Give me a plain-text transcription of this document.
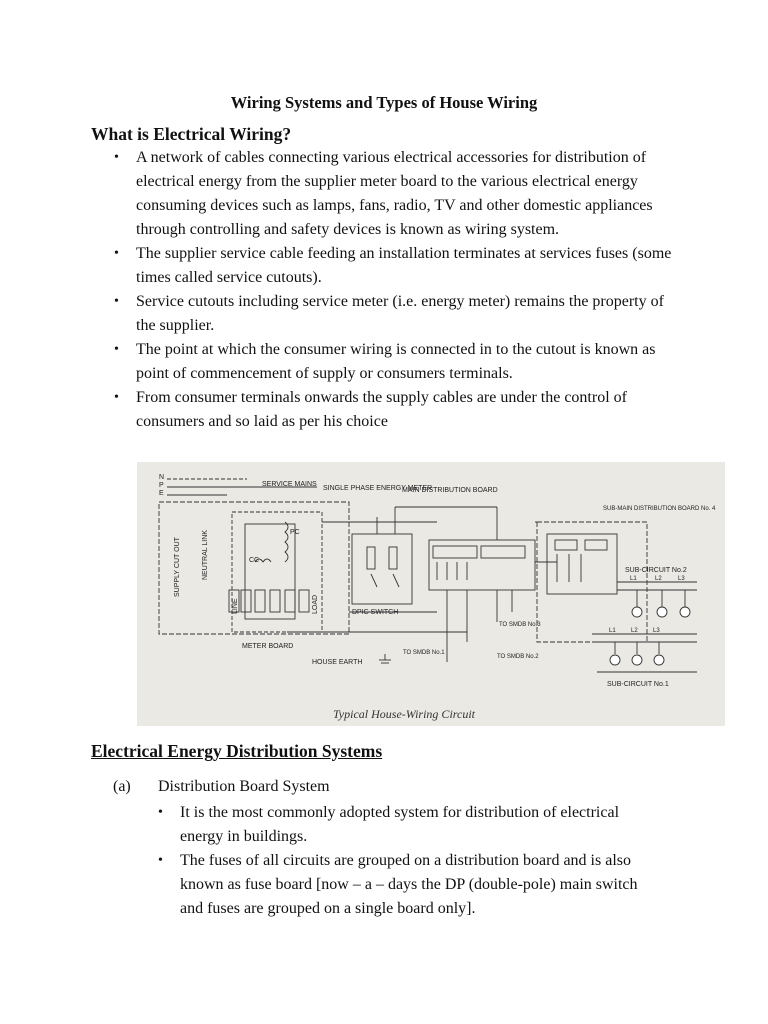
Wiring Systems and Types of House Wiring
What is Electrical Wiring?
• A network of cables connecting various electrical accessories for distribution of electrical energy from the supplier meter board to the various electrical energy consuming devices such as lamps, fans, radio, TV and other domestic appliances through controlling and safety devices is known as wiring system.
• The supplier service cable feeding an installation terminates at services fuses (some times called service cutouts).
• Service cutouts including service meter (i.e. energy meter) remains the property of the supplier.
• The point at which the consumer wiring is connected in to the cutout is known as point of commencement of supply or consumers terminals.
• From consumer terminals onwards the supply cables are under the control of consumers and so laid as per his choice
N
P
E
SERVICE MAINS
SINGLE PHASE ENERGY METER
MAIN DISTRIBUTION BOARD
SUB-MAIN DISTRIBUTION BOARD No. 4
SUPPLY CUT OUT	NEUTRAL LINK	PC
CC
LINE	LOAD	DPIC SWITCH
METER BOARD
HOUSE EARTH
TO SMDB No.1
TO SMDB No.2
TO SMDB No.3
SUB-CIRCUIT No.2
SUB-CIRCUIT No.1
L1	L2	L3
L1	L2	L3
Typical House-Wiring Circuit
Electrical Energy Distribution Systems
(a) Distribution Board System
• It is the most commonly adopted system for distribution of electrical energy in buildings.
• The fuses of all circuits are grouped on a distribution board and is also known as fuse board [now – a – days the DP (double-pole) main switch and fuses are grouped on a single board only].
